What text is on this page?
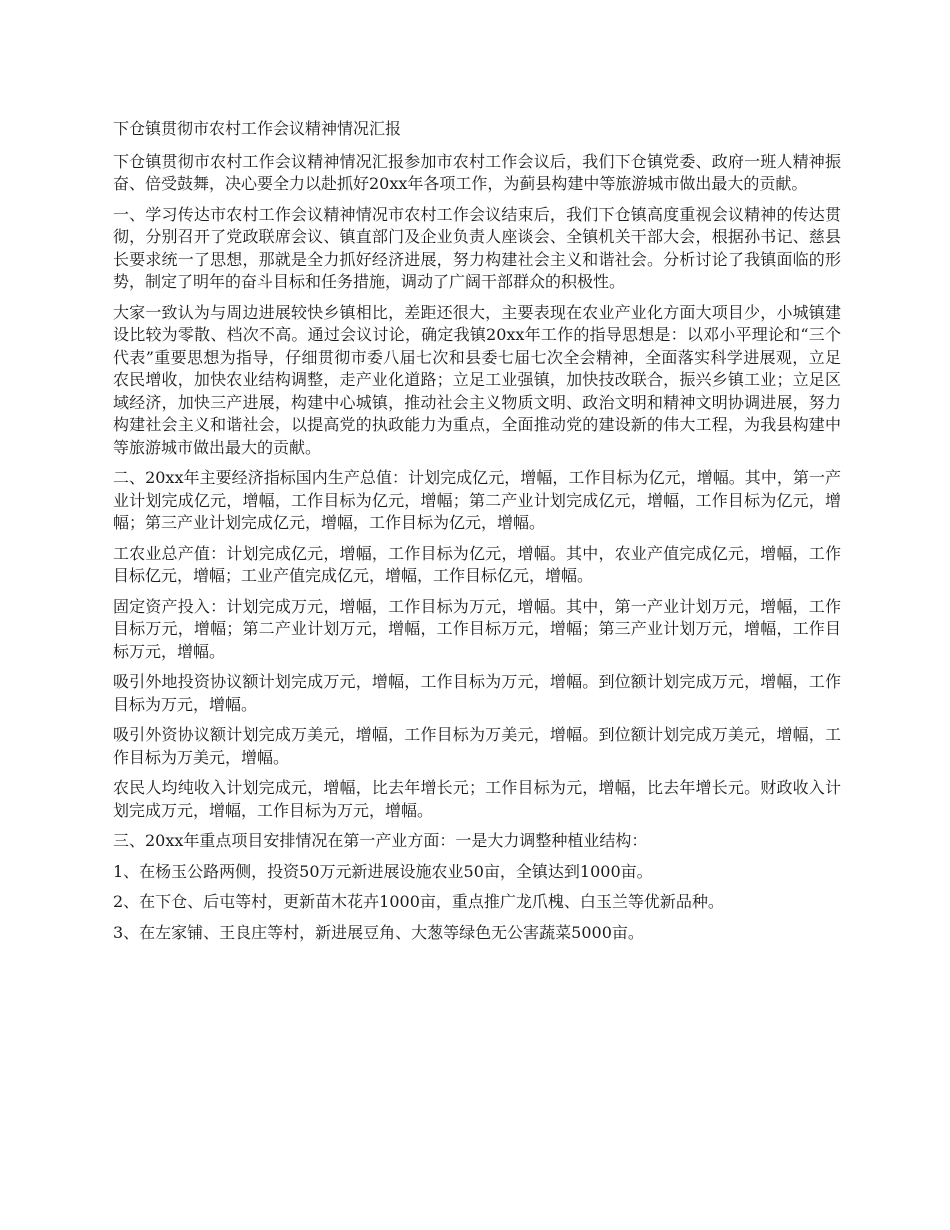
下仓镇贯彻市农村工作会议精神情况汇报

下仓镇贯彻市农村工作会议精神情况汇报参加市农村工作会议后，我们下仓镇党委、政府一班人精神振奋、倍受鼓舞，决心要全力以赴抓好20xx年各项工作，为蓟县构建中等旅游城市做出最大的贡献。

一、学习传达市农村工作会议精神情况市农村工作会议结束后，我们下仓镇高度重视会议精神的传达贯彻，分别召开了党政联席会议、镇直部门及企业负责人座谈会、全镇机关干部大会，根据孙书记、慈县长要求统一了思想，那就是全力抓好经济进展，努力构建社会主义和谐社会。分析讨论了我镇面临的形势，制定了明年的奋斗目标和任务措施，调动了广阔干部群众的积极性。

大家一致认为与周边进展较快乡镇相比，差距还很大，主要表现在农业产业化方面大项目少，小城镇建设比较为零散、档次不高。通过会议讨论，确定我镇20xx年工作的指导思想是：以邓小平理论和“三个代表”重要思想为指导，仔细贯彻市委八届七次和县委七届七次全会精神，全面落实科学进展观，立足农民增收，加快农业结构调整，走产业化道路；立足工业强镇，加快技改联合，振兴乡镇工业；立足区域经济，加快三产进展，构建中心城镇，推动社会主义物质文明、政治文明和精神文明协调进展，努力构建社会主义和谐社会，以提高党的执政能力为重点，全面推动党的建设新的伟大工程，为我县构建中等旅游城市做出最大的贡献。

二、20xx年主要经济指标国内生产总值：计划完成亿元，增幅，工作目标为亿元，增幅。其中，第一产业计划完成亿元，增幅，工作目标为亿元，增幅；第二产业计划完成亿元，增幅，工作目标为亿元，增幅；第三产业计划完成亿元，增幅，工作目标为亿元，增幅。

工农业总产值：计划完成亿元，增幅，工作目标为亿元，增幅。其中，农业产值完成亿元，增幅，工作目标亿元，增幅；工业产值完成亿元，增幅，工作目标亿元，增幅。

固定资产投入：计划完成万元，增幅，工作目标为万元，增幅。其中，第一产业计划万元，增幅，工作目标万元，增幅；第二产业计划万元，增幅，工作目标万元，增幅；第三产业计划万元，增幅，工作目标万元，增幅。

吸引外地投资协议额计划完成万元，增幅，工作目标为万元，增幅。到位额计划完成万元，增幅，工作目标为万元，增幅。

吸引外资协议额计划完成万美元，增幅，工作目标为万美元，增幅。到位额计划完成万美元，增幅，工作目标为万美元，增幅。

农民人均纯收入计划完成元，增幅，比去年增长元；工作目标为元，增幅，比去年增长元。财政收入计划完成万元，增幅，工作目标为万元，增幅。

三、20xx年重点项目安排情况在第一产业方面：一是大力调整种植业结构：

1、在杨玉公路两侧，投资50万元新进展设施农业50亩，全镇达到1000亩。

2、在下仓、后屯等村，更新苗木花卉1000亩，重点推广龙爪槐、白玉兰等优新品种。

3、在左家铺、王良庄等村，新进展豆角、大葱等绿色无公害蔬菜5000亩。
